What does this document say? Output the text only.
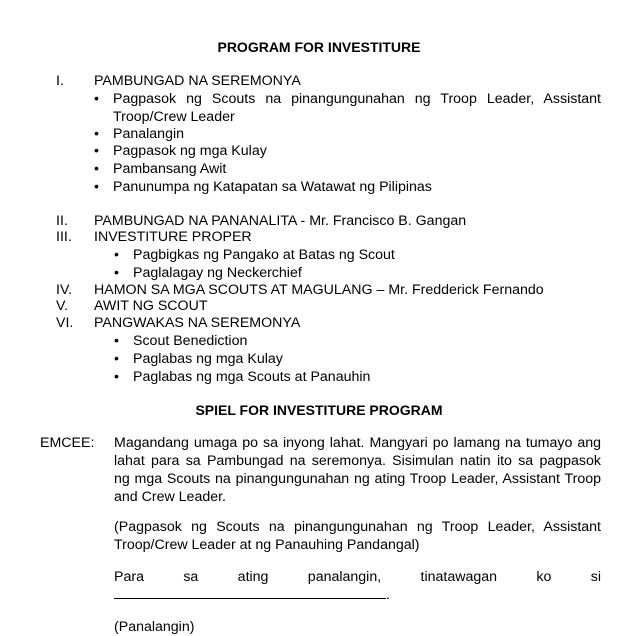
PROGRAM FOR INVESTITURE
I.	PAMBUNGAD NA SEREMONYA
• Pagpasok ng Scouts na pinangungunahan ng Troop Leader, Assistant Troop/Crew Leader
• Panalangin
• Pagpasok ng mga Kulay
• Pambansang Awit
• Panunumpa ng Katapatan sa Watawat ng Pilipinas
II.	PAMBUNGAD NA PANANALITA - Mr. Francisco B. Gangan
III.	INVESTITURE PROPER
• Pagbigkas ng Pangako at Batas ng Scout
• Paglalagay ng Neckerchief
IV.	HAMON SA MGA SCOUTS AT MAGULANG – Mr. Fredderick Fernando
V.	AWIT NG SCOUT
VI.	PANGWAKAS NA SEREMONYA
• Scout Benediction
• Paglabas ng mga Kulay
• Paglabas ng mga Scouts at Panauhin
SPIEL FOR INVESTITURE PROGRAM
EMCEE: Magandang umaga po sa inyong lahat. Mangyari po lamang na tumayo ang
lahat para sa Pambungad na seremonya. Sisimulan natin ito sa pagpasok
ng mga Scouts na pinangungunahan ng ating Troop Leader, Assistant Troop
and Crew Leader.
(Pagpasok ng Scouts na pinangungunahan ng Troop Leader, Assistant
Troop/Crew Leader at ng Panauhing Pandangal)
Para sa ating panalangin, tinatawagan ko si
.
(Panalangin)
